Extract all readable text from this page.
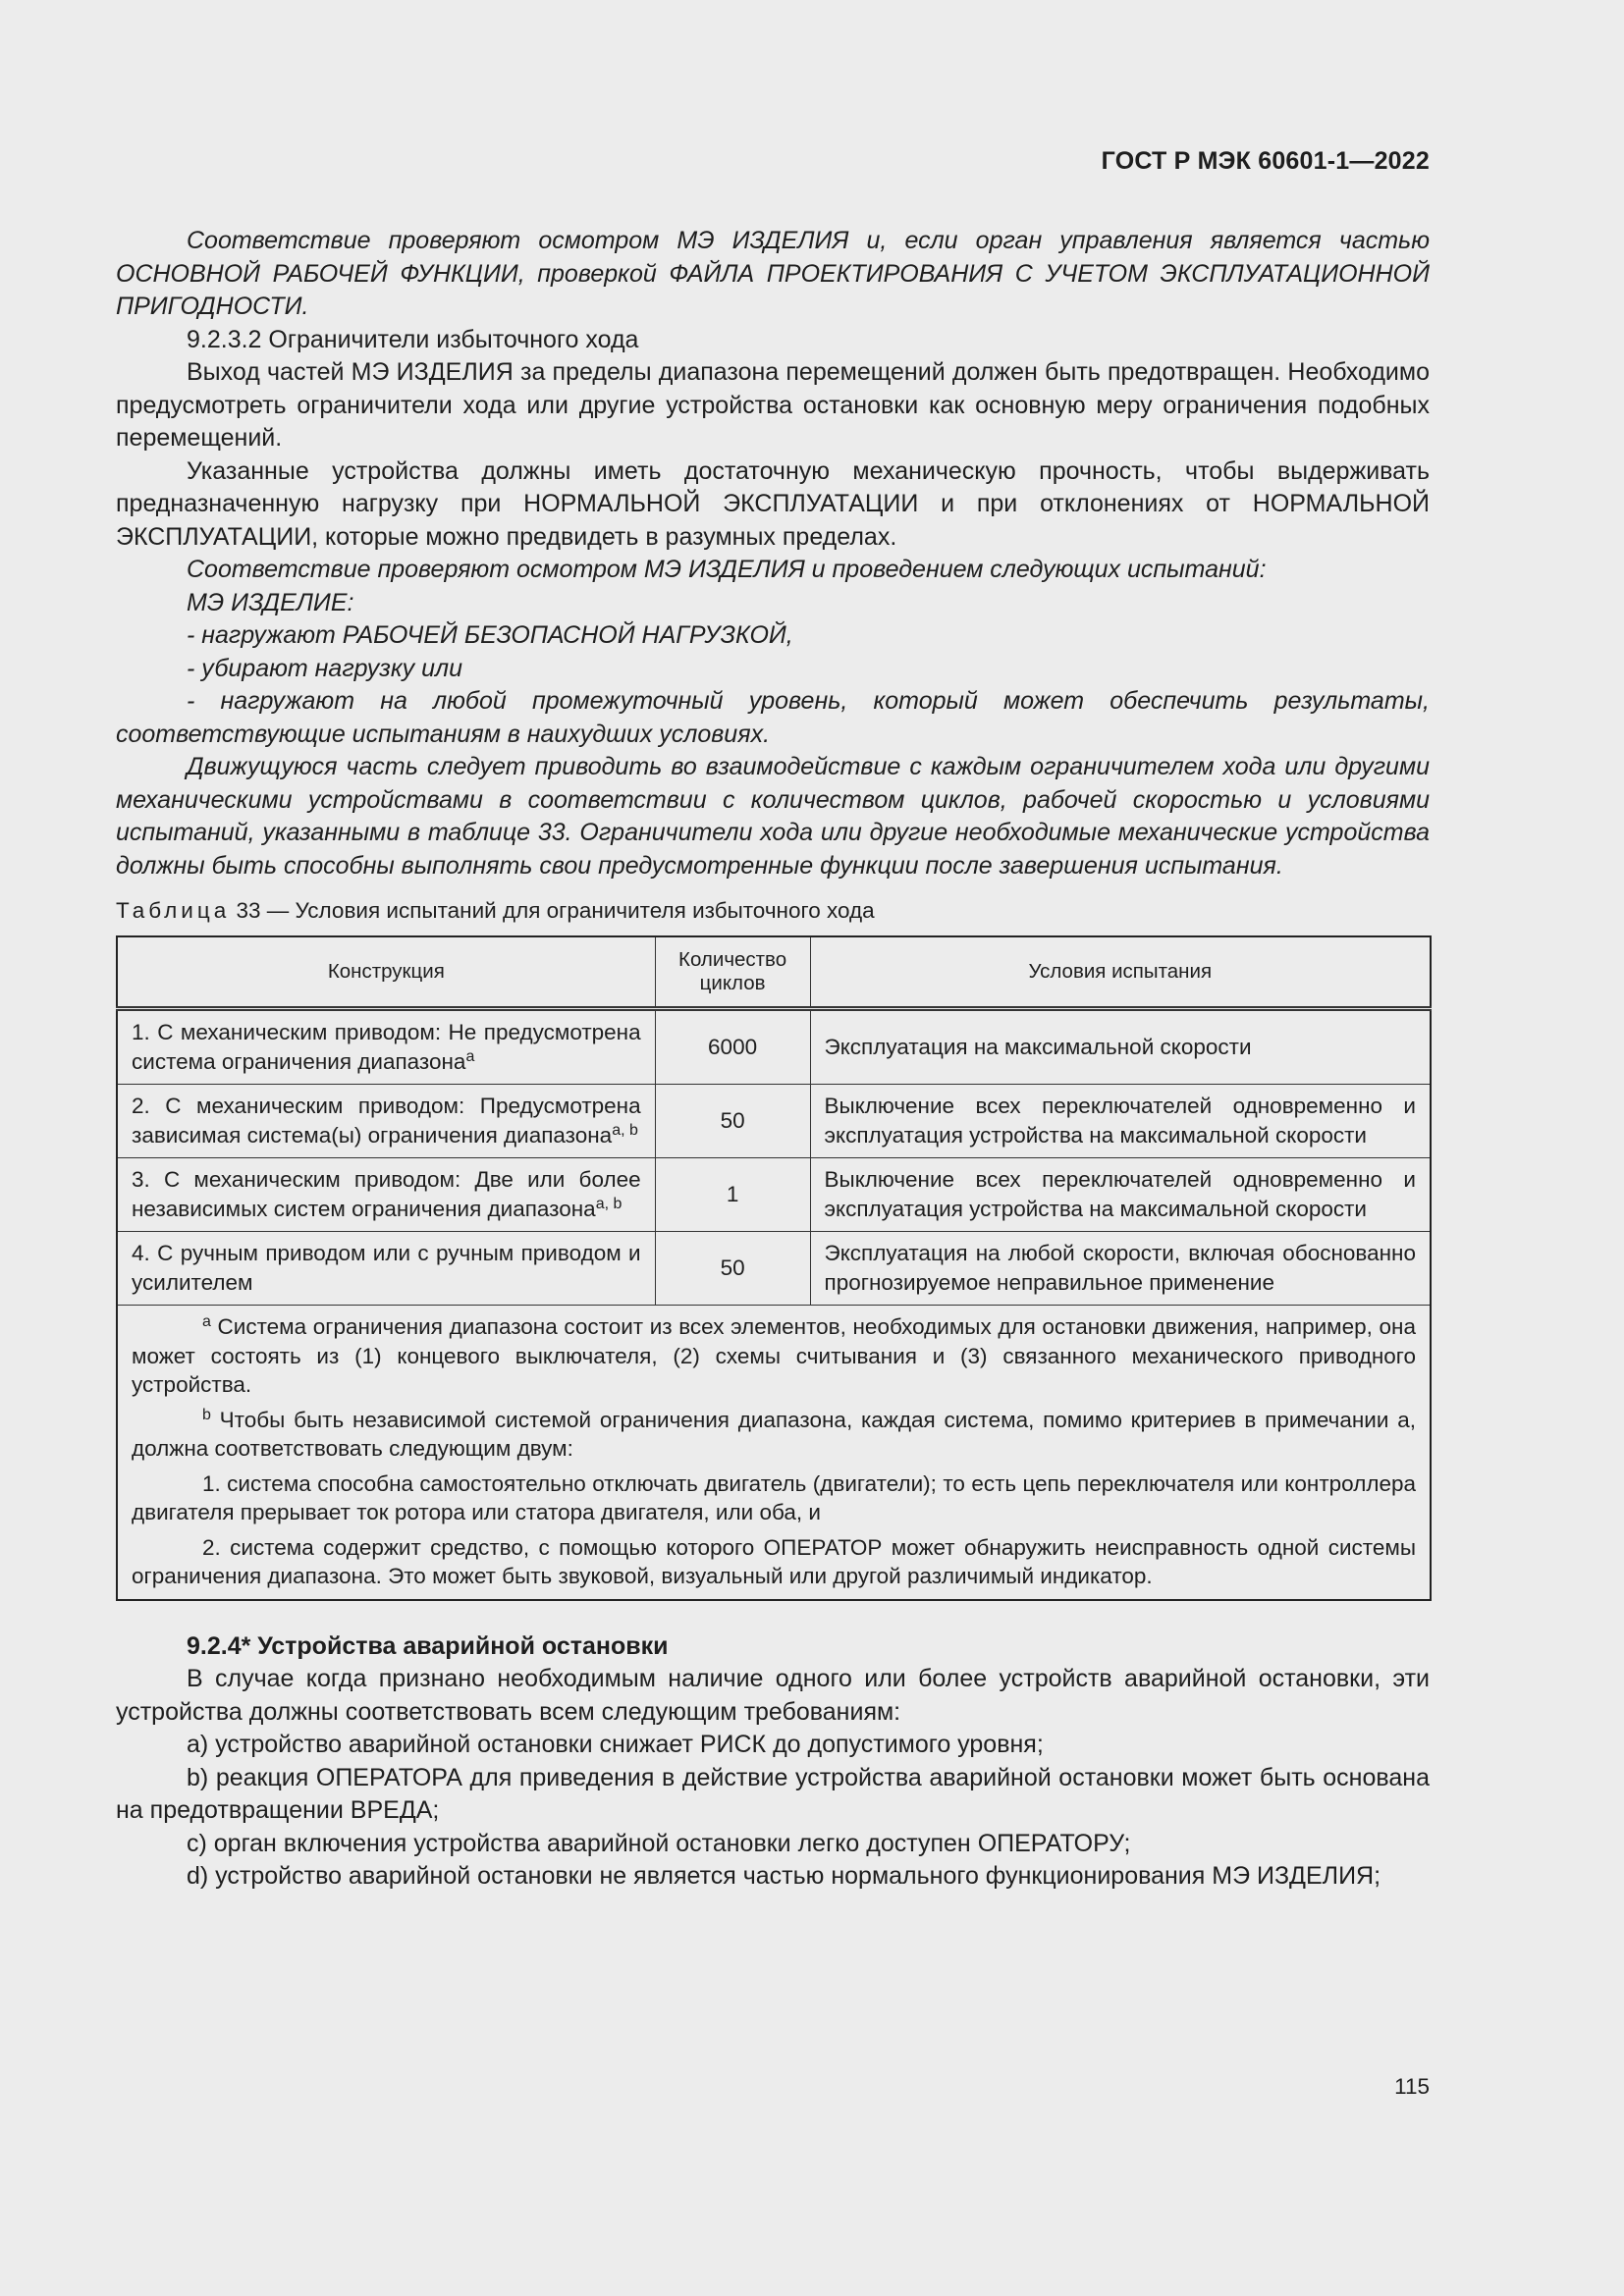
ГОСТ Р МЭК 60601-1—2022

Соответствие проверяют осмотром МЭ ИЗДЕЛИЯ и, если орган управления является частью ОСНОВНОЙ РАБОЧЕЙ ФУНКЦИИ, проверкой ФАЙЛА ПРОЕКТИРОВАНИЯ С УЧЕТОМ ЭКСПЛУАТАЦИОННОЙ ПРИГОДНОСТИ.

9.2.3.2 Ограничители избыточного хода

Выход частей МЭ ИЗДЕЛИЯ за пределы диапазона перемещений должен быть предотвращен. Необходимо предусмотреть ограничители хода или другие устройства остановки как основную меру ограничения подобных перемещений.

Указанные устройства должны иметь достаточную механическую прочность, чтобы выдерживать предназначенную нагрузку при НОРМАЛЬНОЙ ЭКСПЛУАТАЦИИ и при отклонениях от НОРМАЛЬНОЙ ЭКСПЛУАТАЦИИ, которые можно предвидеть в разумных пределах.

Соответствие проверяют осмотром МЭ ИЗДЕЛИЯ и проведением следующих испытаний:

МЭ ИЗДЕЛИЕ:

- нагружают РАБОЧЕЙ БЕЗОПАСНОЙ НАГРУЗКОЙ,

- убирают нагрузку или

- нагружают на любой промежуточный уровень, который может обеспечить результаты, соответствующие испытаниям в наихудших условиях.

Движущуюся часть следует приводить во взаимодействие с каждым ограничителем хода или другими механическими устройствами в соответствии с количеством циклов, рабочей скоростью и условиями испытаний, указанными в таблице 33. Ограничители хода или другие необходимые механические устройства должны быть способны выполнять свои предусмотренные функции после завершения испытания.

Таблица 33 — Условия испытаний для ограничителя избыточного хода

Конструкция	Количество циклов	Условия испытания
1. С механическим приводом: Не предусмотрена система ограничения диапазона$^a$	6000	Эксплуатация на максимальной скорости
2. С механическим приводом: Предусмотрена зависимая система(ы) ограничения диапазона$^{a, b}$	50	Выключение всех переключателей одновременно и эксплуатация устройства на максимальной скорости
3. С механическим приводом: Две или более независимых систем ограничения диапазона$^{a, b}$	1	Выключение всех переключателей одновременно и эксплуатация устройства на максимальной скорости
4. С ручным приводом или с ручным приводом и усилителем	50	Эксплуатация на любой скорости, включая обоснованно прогнозируемое неправильное применение

$^a$ Система ограничения диапазона состоит из всех элементов, необходимых для остановки движения, например, она может состоять из (1) концевого выключателя, (2) схемы считывания и (3) связанного механического приводного устройства.

$^b$ Чтобы быть независимой системой ограничения диапазона, каждая система, помимо критериев в примечании а, должна соответствовать следующим двум:

1. система способна самостоятельно отключать двигатель (двигатели); то есть цепь переключателя или контроллера двигателя прерывает ток ротора или статора двигателя, или оба, и

2. система содержит средство, с помощью которого ОПЕРАТОР может обнаружить неисправность одной системы ограничения диапазона. Это может быть звуковой, визуальный или другой различимый индикатор.		

9.2.4* Устройства аварийной остановки

В случае когда признано необходимым наличие одного или более устройств аварийной остановки, эти устройства должны соответствовать всем следующим требованиям:

a) устройство аварийной остановки снижает РИСК до допустимого уровня;

b) реакция ОПЕРАТОРА для приведения в действие устройства аварийной остановки может быть основана на предотвращении ВРЕДА;

c) орган включения устройства аварийной остановки легко доступен ОПЕРАТОРУ;

d) устройство аварийной остановки не является частью нормального функционирования МЭ ИЗДЕЛИЯ;

115
